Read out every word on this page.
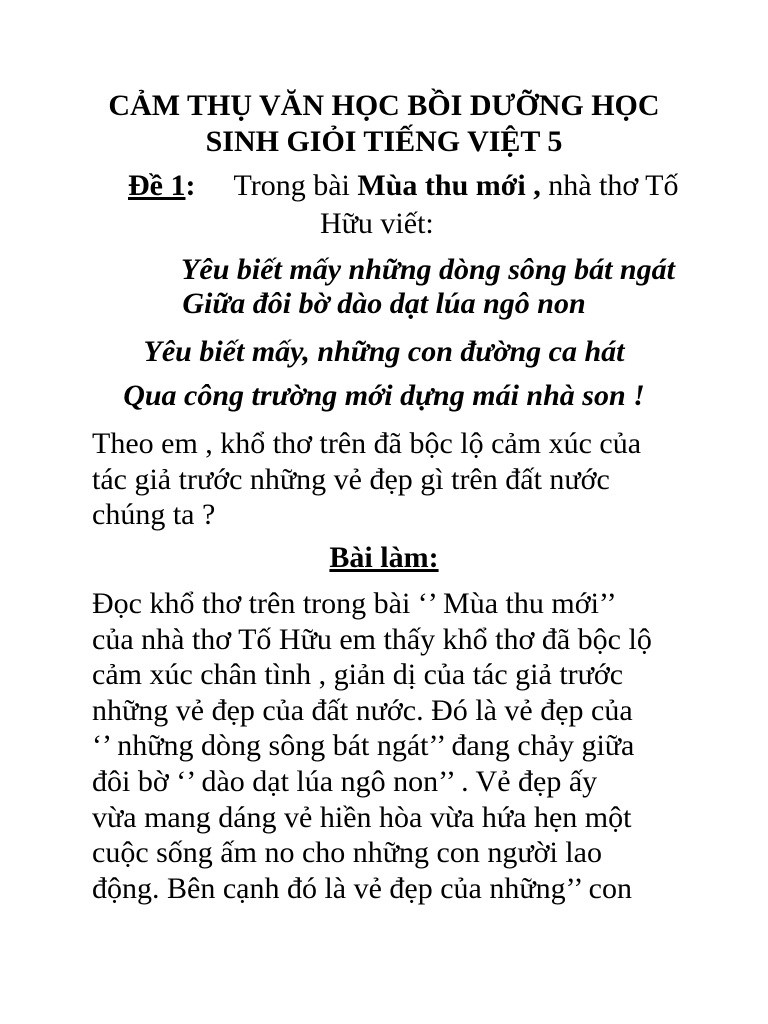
CẢM THỤ VĂN HỌC BỒI DƯỠNG HỌC
SINH GIỎI TIẾNG VIỆT 5
Đề 1: Trong bài Mùa thu mới , nhà thơ Tố
Hữu viết:
Yêu biết mấy những dòng sông bát ngát
Giữa đôi bờ dào dạt lúa ngô non
Yêu biết mấy, những con đường ca hát
Qua công trường mới dựng mái nhà son !

Theo em , khổ thơ trên đã bộc lộ cảm xúc của
tác giả trước những vẻ đẹp gì trên đất nước
chúng ta ?

Bài làm:

Đọc khổ thơ trên trong bài ‘’ Mùa thu mới’’
của nhà thơ Tố Hữu em thấy khổ thơ đã bộc lộ
cảm xúc chân tình , giản dị của tác giả trước
những vẻ đẹp của đất nước. Đó là vẻ đẹp của
‘’ những dòng sông bát ngát’’ đang chảy giữa
đôi bờ ‘’ dào dạt lúa ngô non’’ . Vẻ đẹp ấy
vừa mang dáng vẻ hiền hòa vừa hứa hẹn một
cuộc sống ấm no cho những con người lao
động. Bên cạnh đó là vẻ đẹp của những’’ con
